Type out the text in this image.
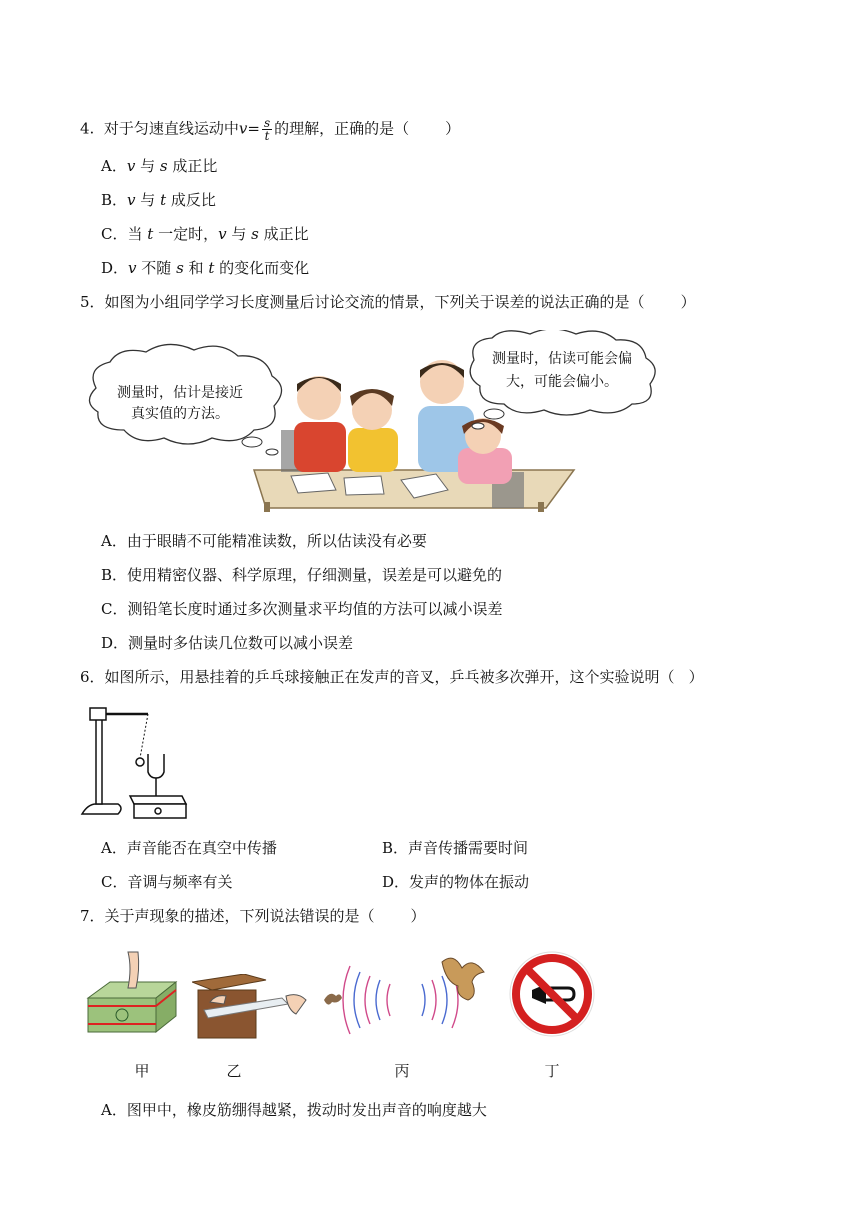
4. 对于匀速直线运动中$v= \frac{s}{t}$ 的理解，正确的是（ ）
A．v 与 s 成正比
B．v 与 t 成反比
C．当 t 一定时，v 与 s 成正比
D．v 不随 s 和 t 的变化而变化
5．如图为小组同学学习长度测量后讨论交流的情景，下列关于误差的说法正确的是（ ）
测量时，估计是接近
真实值的方法。
测量时，估读可能会偏
大，可能会偏小。
A．由于眼睛不可能精准读数，所以估读没有必要
B．使用精密仪器、科学原理，仔细测量，误差是可以避免的
C．测铅笔长度时通过多次测量求平均值的方法可以减小误差
D．测量时多估读几位数可以减小误差
6．如图所示，用悬挂着的乒乓球接触正在发声的音叉，乒乓被多次弹开，这个实验说明（ ）
A．声音能否在真空中传播	B．声音传播需要时间
C．音调与频率有关	D．发声的物体在振动
7．关于声现象的描述，下列说法错误的是（ ）
甲	乙	丙	丁
A．图甲中，橡皮筋绷得越紧，拨动时发出声音的响度越大
